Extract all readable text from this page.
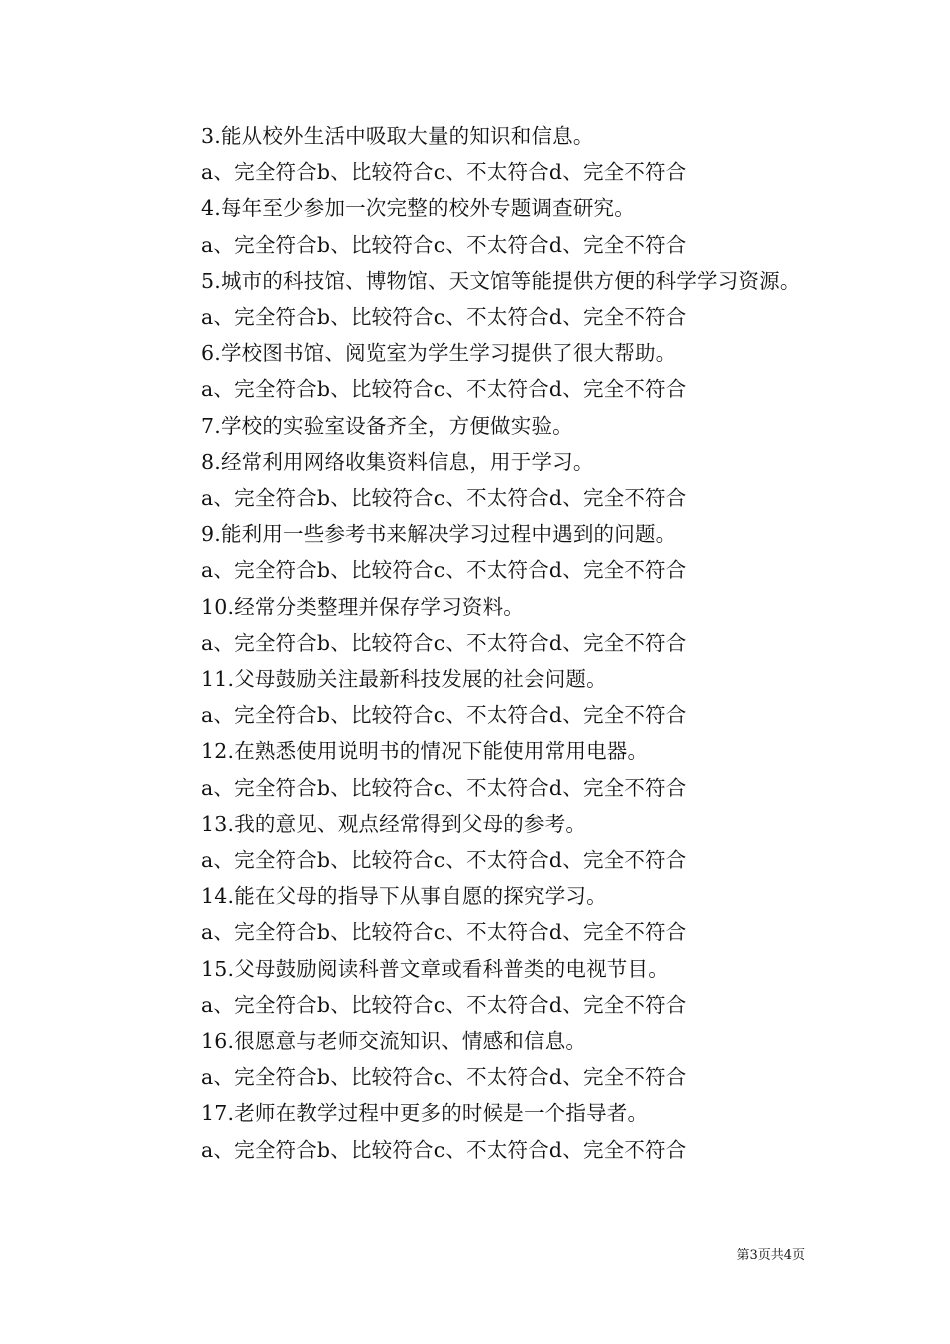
3.能从校外生活中吸取大量的知识和信息。
a、完全符合b、比较符合c、不太符合d、完全不符合
4.每年至少参加一次完整的校外专题调查研究。
a、完全符合b、比较符合c、不太符合d、完全不符合
5.城市的科技馆、博物馆、天文馆等能提供方便的科学学习资源。
a、完全符合b、比较符合c、不太符合d、完全不符合
6.学校图书馆、阅览室为学生学习提供了很大帮助。
a、完全符合b、比较符合c、不太符合d、完全不符合
7.学校的实验室设备齐全，方便做实验。
8.经常利用网络收集资料信息，用于学习。
a、完全符合b、比较符合c、不太符合d、完全不符合
9.能利用一些参考书来解决学习过程中遇到的问题。
a、完全符合b、比较符合c、不太符合d、完全不符合
10.经常分类整理并保存学习资料。
a、完全符合b、比较符合c、不太符合d、完全不符合
11.父母鼓励关注最新科技发展的社会问题。
a、完全符合b、比较符合c、不太符合d、完全不符合
12.在熟悉使用说明书的情况下能使用常用电器。
a、完全符合b、比较符合c、不太符合d、完全不符合
13.我的意见、观点经常得到父母的参考。
a、完全符合b、比较符合c、不太符合d、完全不符合
14.能在父母的指导下从事自愿的探究学习。
a、完全符合b、比较符合c、不太符合d、完全不符合
15.父母鼓励阅读科普文章或看科普类的电视节目。
a、完全符合b、比较符合c、不太符合d、完全不符合
16.很愿意与老师交流知识、情感和信息。
a、完全符合b、比较符合c、不太符合d、完全不符合
17.老师在教学过程中更多的时候是一个指导者。
a、完全符合b、比较符合c、不太符合d、完全不符合
第3页共4页
